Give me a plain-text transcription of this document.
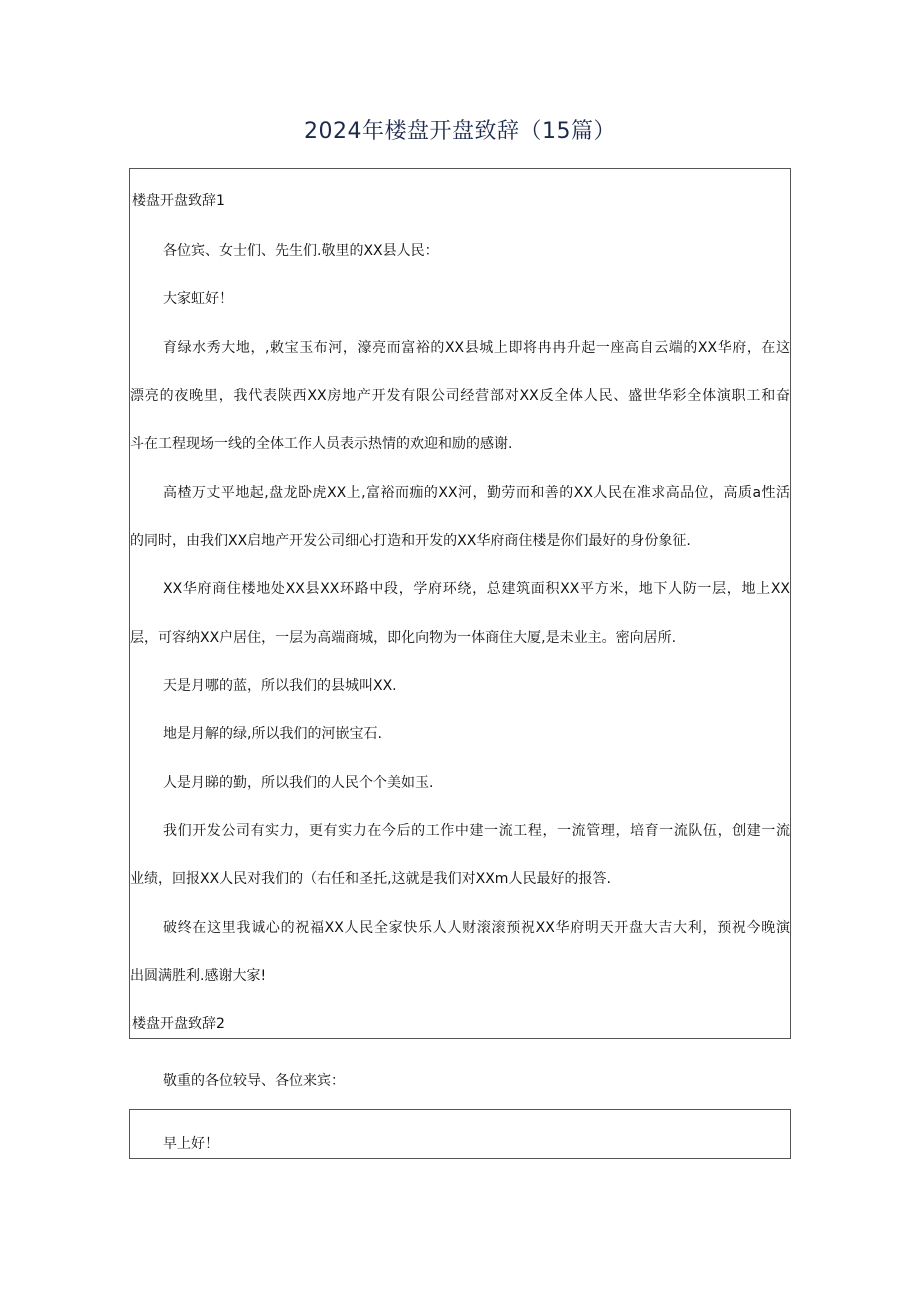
2024年楼盘开盘致辞（15篇）

楼盘开盘致辞1

各位宾、女士们、先生们.敬里的XX县人民：

大家虹好！

育绿水秀大地，,敕宝玉布河，濠亮而富裕的XX县城上即将冉冉升起一座高自云端的XX华府，在这

漂亮的夜晚里，我代表陕西XX房地产开发有限公司经营部对XX反全体人民、盛世华彩全体演职工和奋

斗在工程现场一线的全体工作人员表示热情的欢迎和励的感谢.

高楂万丈平地起,盘龙卧虎XX上,富裕而痂的XX河，勤劳而和善的XX人民在准求高品位，高质a性活

的同时，由我们XX启地产开发公司细心打造和开发的XX华府商住楼是你们最好的身份象征.

XX华府商住楼地处XX县XX环路中段，学府环绕，总建筑面积XX平方米，地下人防一层，地上XX

层，可容纳XX户居住，一层为高端商城，即化向物为一体商住大厦,是未业主。密向居所.

天是月哪的蓝，所以我们的县城叫XX.

地是月解的绿,所以我们的河嵌宝石.

人是月睇的勤，所以我们的人民个个美如玉.

我们开发公司有实力，更有实力在今后的工作中建一流工程，一流管理，培育一流队伍，创建一流

业绩，回报XX人民对我们的（右任和圣托,这就是我们对XXm人民最好的报答.

破终在这里我诚心的祝福XX人民全家快乐人人财滚滚预祝XX华府明天开盘大吉大利，预祝今晚演

出圆满胜利.感谢大家!

楼盘开盘致辞2

敬重的各位较导、各位来宾：

早上好！
